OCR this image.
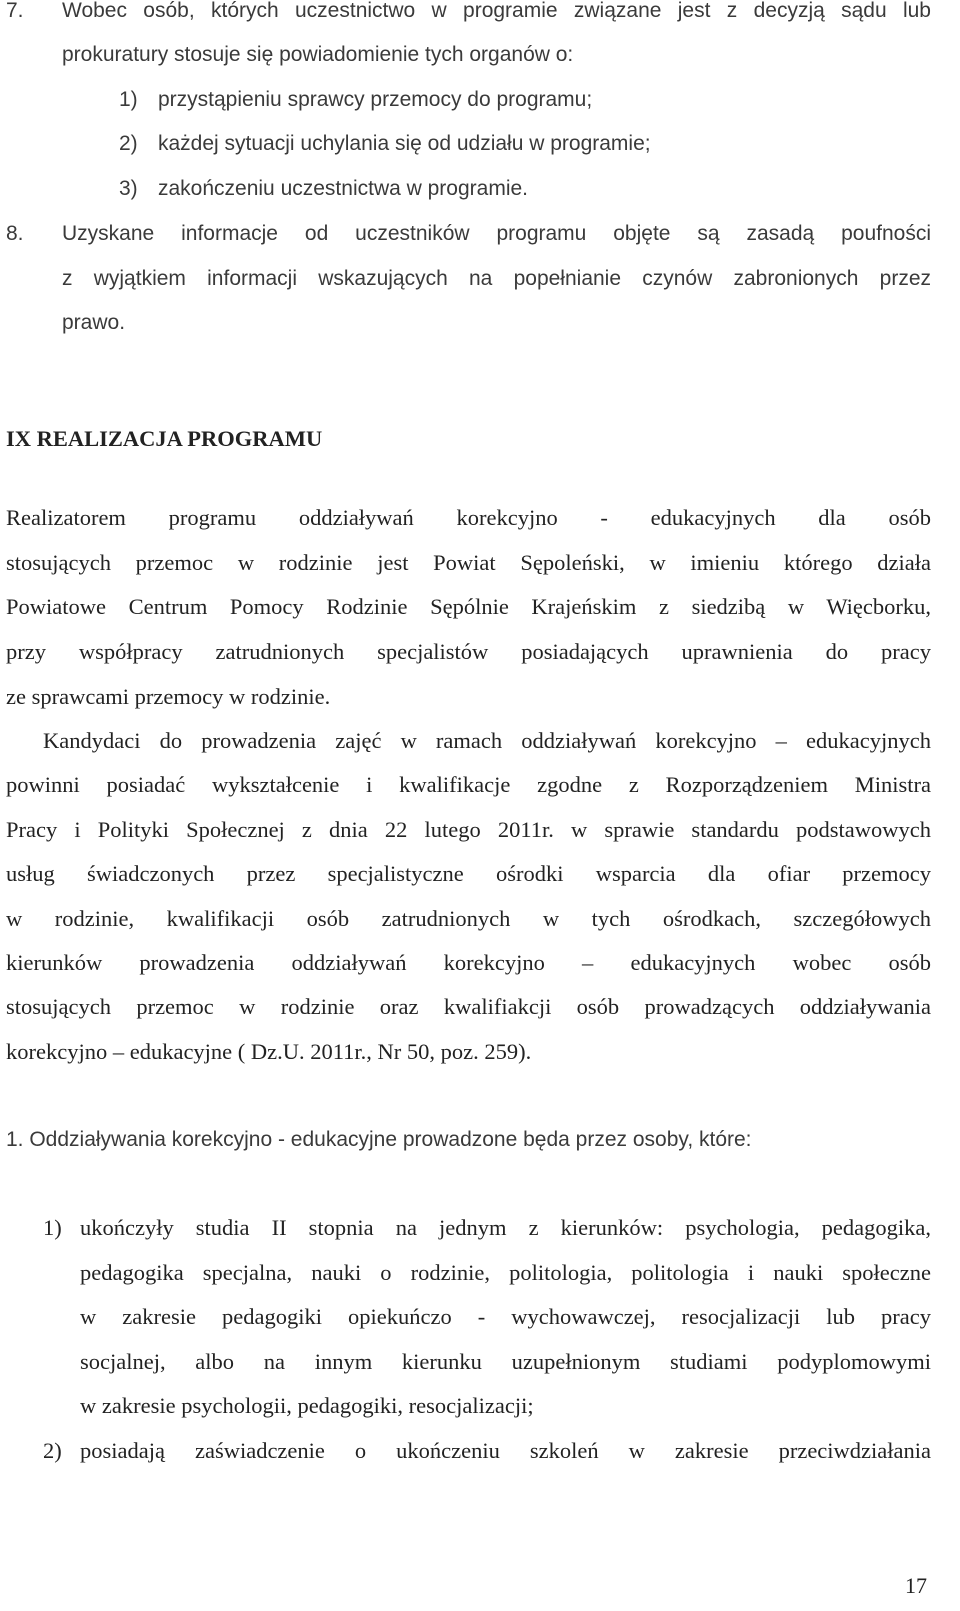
7. Wobec osób, których uczestnictwo w programie związane jest z decyzją sądu lub
prokuratury stosuje się powiadomienie tych organów o:
1) przystąpieniu sprawcy przemocy do programu;
2) każdej sytuacji uchylania się od udziału w programie;
3) zakończeniu uczestnictwa w programie.
8. Uzyskane informacje od uczestników programu objęte są zasadą poufności
z wyjątkiem informacji wskazujących na popełnianie czynów zabronionych przez
prawo.
IX REALIZACJA PROGRAMU
Realizatorem programu oddziaływań korekcyjno - edukacyjnych dla osób
stosujących przemoc w rodzinie jest Powiat Sępoleński, w imieniu którego działa
Powiatowe Centrum Pomocy Rodzinie Sępólnie Krajeńskim z siedzibą w Więcborku,
przy współpracy zatrudnionych specjalistów posiadających uprawnienia do pracy
ze sprawcami przemocy w rodzinie.
Kandydaci do prowadzenia zajęć w ramach oddziaływań korekcyjno – edukacyjnych
powinni posiadać wykształcenie i kwalifikacje zgodne z Rozporządzeniem Ministra
Pracy i Polityki Społecznej z dnia 22 lutego 2011r. w sprawie standardu podstawowych
usług świadczonych przez specjalistyczne ośrodki wsparcia dla ofiar przemocy
w rodzinie, kwalifikacji osób zatrudnionych w tych ośrodkach, szczegółowych
kierunków prowadzenia oddziaływań korekcyjno – edukacyjnych wobec osób
stosujących przemoc w rodzinie oraz kwalifiakcji osób prowadzących oddziaływania
korekcyjno – edukacyjne ( Dz.U. 2011r., Nr 50, poz. 259).
1. Oddziaływania korekcyjno - edukacyjne prowadzone będa przez osoby, które:
1) ukończyły studia II stopnia na jednym z kierunków: psychologia, pedagogika,
pedagogika specjalna, nauki o rodzinie, politologia, politologia i nauki społeczne
w zakresie pedagogiki opiekuńczo - wychowawczej, resocjalizacji lub pracy
socjalnej, albo na innym kierunku uzupełnionym studiami podyplomowymi
w zakresie psychologii, pedagogiki, resocjalizacji;
2) posiadają zaświadczenie o ukończeniu szkoleń w zakresie przeciwdziałania
17
